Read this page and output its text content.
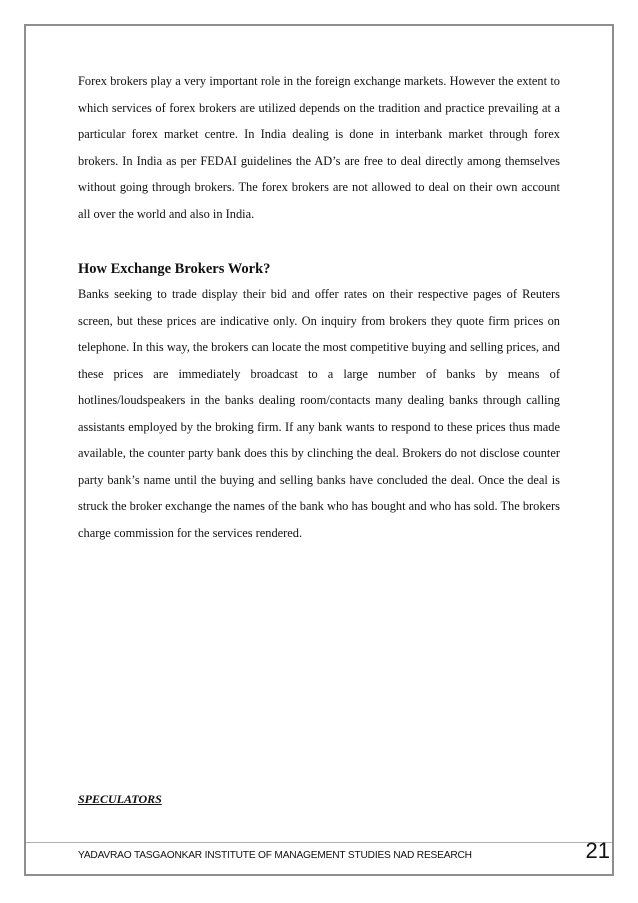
Forex brokers play a very important role in the foreign exchange markets. However the extent to which services of forex brokers are utilized depends on the tradition and practice prevailing at a particular forex market centre. In India dealing is done in interbank market through forex brokers. In India as per FEDAI guidelines the AD’s are free to deal directly among themselves without going through brokers. The forex brokers are not allowed to deal on their own account all over the world and also in India.

How Exchange Brokers Work?

Banks seeking to trade display their bid and offer rates on their respective pages of Reuters screen, but these prices are indicative only. On inquiry from brokers they quote firm prices on telephone. In this way, the brokers can locate the most competitive buying and selling prices, and these prices are immediately broadcast to a large number of banks by means of hotlines/loudspeakers in the banks dealing room/contacts many dealing banks through calling assistants employed by the broking firm. If any bank wants to respond to these prices thus made available, the counter party bank does this by clinching the deal. Brokers do not disclose counter party bank’s name until the buying and selling banks have concluded the deal. Once the deal is struck the broker exchange the names of the bank who has bought and who has sold. The brokers charge commission for the services rendered.

SPECULATORS

YADAVRAO TASGAONKAR INSTITUTE OF MANAGEMENT STUDIES NAD RESEARCH	21
